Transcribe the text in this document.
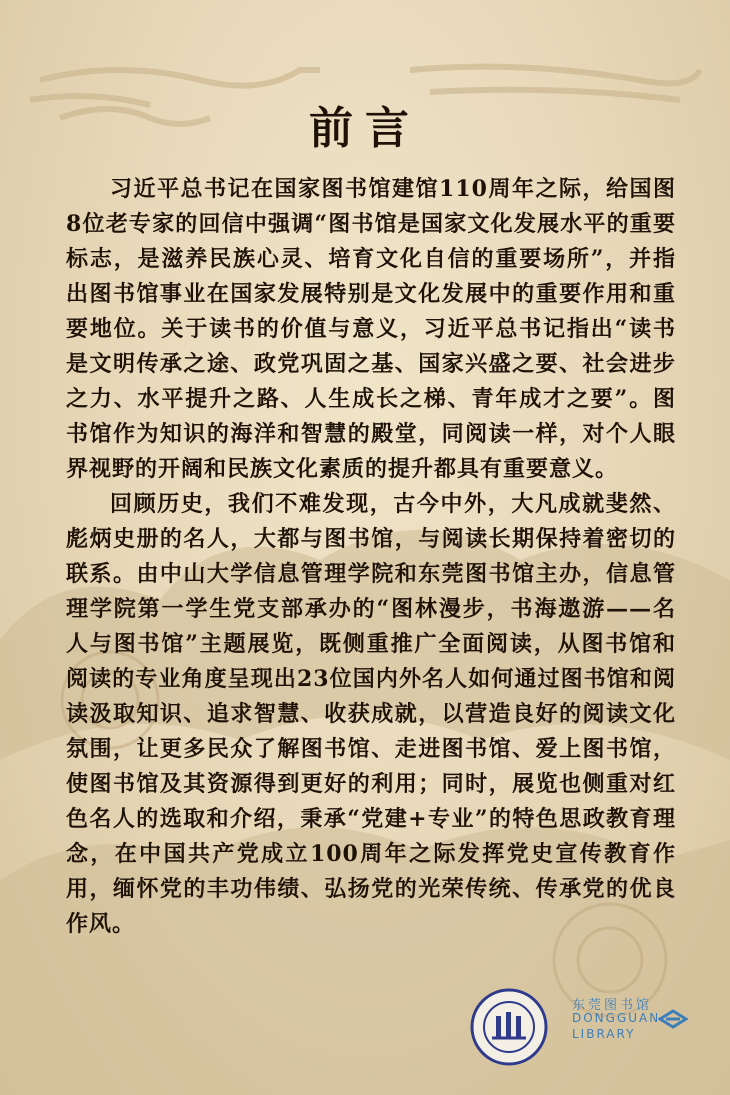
前言

习近平总书记在国家图书馆建馆110周年之际，给国图8位老专家的回信中强调“图书馆是国家文化发展水平的重要标志，是滋养民族心灵、培育文化自信的重要场所”，并指出图书馆事业在国家发展特别是文化发展中的重要作用和重要地位。关于读书的价值与意义，习近平总书记指出“读书是文明传承之途、政党巩固之基、国家兴盛之要、社会进步之力、水平提升之路、人生成长之梯、青年成才之要”。图书馆作为知识的海洋和智慧的殿堂，同阅读一样，对个人眼界视野的开阔和民族文化素质的提升都具有重要意义。

回顾历史，我们不难发现，古今中外，大凡成就斐然、彪炳史册的名人，大都与图书馆，与阅读长期保持着密切的联系。由中山大学信息管理学院和东莞图书馆主办，信息管理学院第一学生党支部承办的“图林漫步，书海遨游——名人与图书馆”主题展览，既侧重推广全面阅读，从图书馆和阅读的专业角度呈现出23位国内外名人如何通过图书馆和阅读汲取知识、追求智慧、收获成就，以营造良好的阅读文化氛围，让更多民众了解图书馆、走进图书馆、爱上图书馆，使图书馆及其资源得到更好的利用；同时，展览也侧重对红色名人的选取和介绍，秉承“党建+专业”的特色思政教育理念，在中国共产党成立100周年之际发挥党史宣传教育作用，缅怀党的丰功伟绩、弘扬党的光荣传统、传承党的优良作风。

东莞图书馆
DONGGUAN
LIBRARY
